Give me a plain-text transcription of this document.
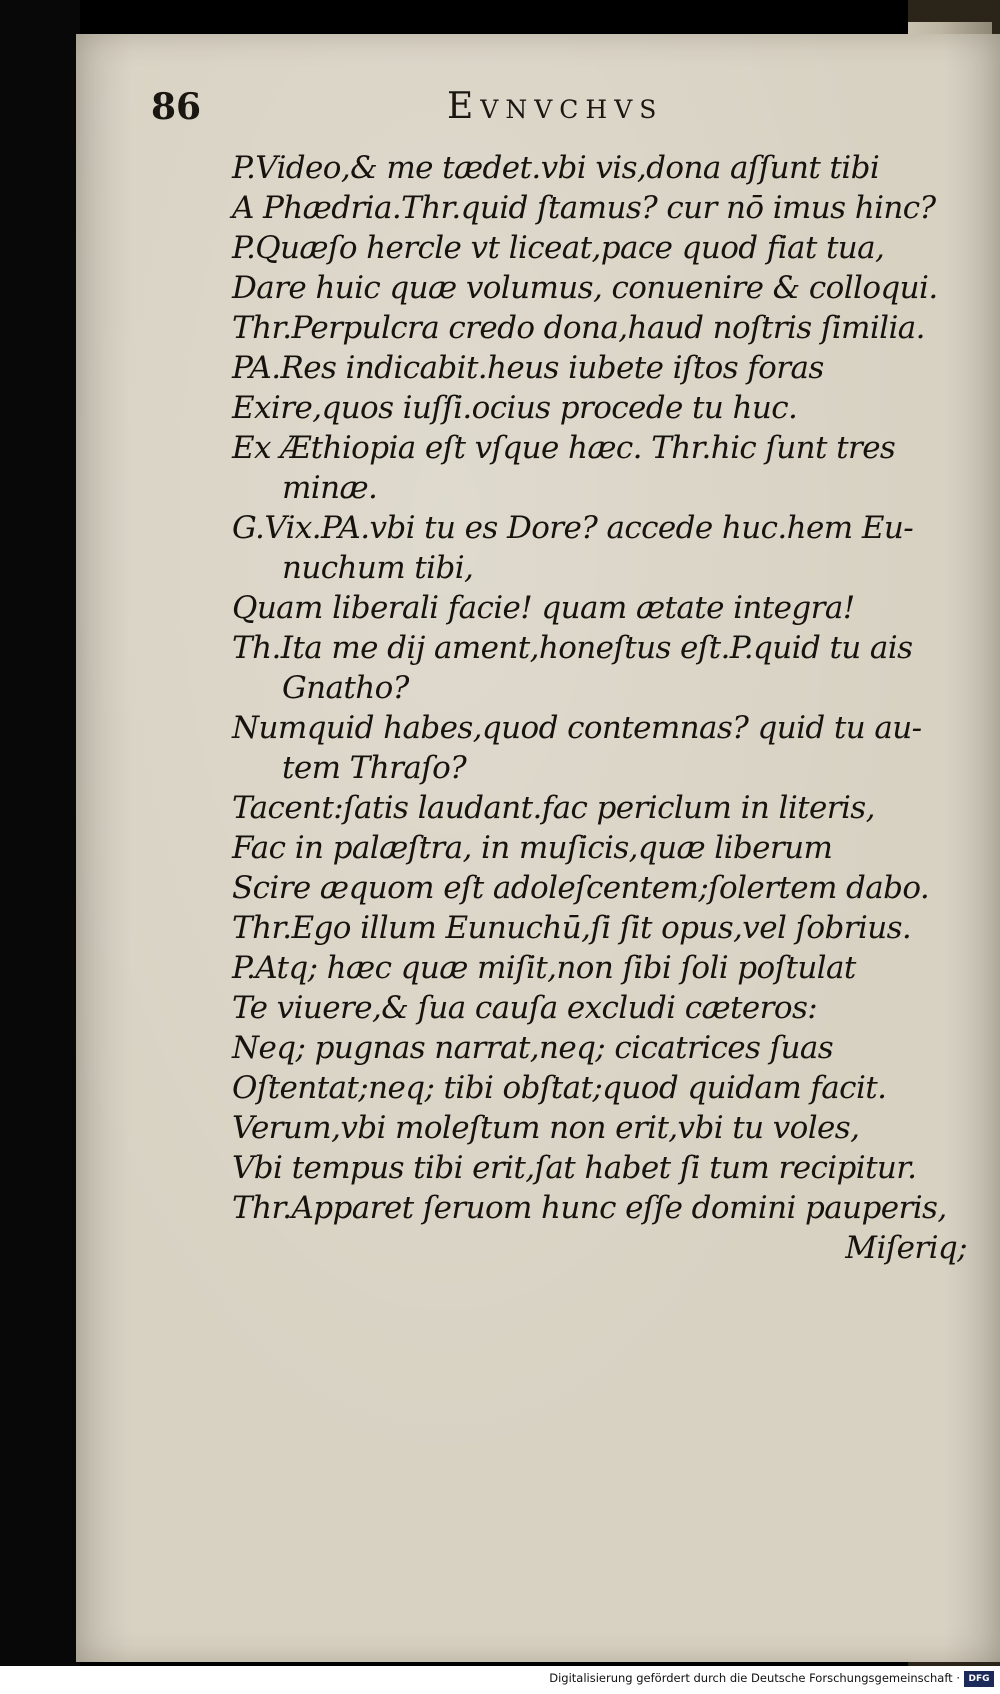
86	Evnvchvs
P.Video,& me tædet.vbi vis,dona aſſunt tibi
A Phædria.Thr.quid ſtamus? cur nō imus hinc?
P.Quæſo hercle vt liceat,pace quod fiat tua,
Dare huic quæ volumus, conuenire & colloqui.
Thr.Perpulcra credo dona,haud noſtris ſimilia.
PA.Res indicabit.heus iubete iſtos foras
Exire,quos iuſſi.ocius procede tu huc.
Ex Æthiopia eſt vſque hæc. Thr.hic ſunt tres
minæ.
G.Vix.PA.vbi tu es Dore? accede huc.hem Eu-
nuchum tibi,
Quam liberali facie! quam ætate integra!
Th.Ita me dij ament,honeſtus eſt.P.quid tu ais
Gnatho?
Numquid habes,quod contemnas? quid tu au-
tem Thraſo?
Tacent:ſatis laudant.fac periclum in literis,
Fac in palæſtra, in muſicis,quæ liberum
Scire æquom eſt adoleſcentem;ſolertem dabo.
Thr.Ego illum Eunuchū,ſi ſit opus,vel ſobrius.
P.Atq; hæc quæ miſit,non ſibi ſoli poſtulat
Te viuere,& ſua cauſa excludi cæteros:
Neq; pugnas narrat,neq; cicatrices ſuas
Oſtentat;neq; tibi obſtat;quod quidam facit.
Verum,vbi moleſtum non erit,vbi tu voles,
Vbi tempus tibi erit,ſat habet ſi tum recipitur.
Thr.Apparet ſeruom hunc eſſe domini pauperis,
Miſeriq;
Digitalisierung gefördert durch die Deutsche Forschungsgemeinschaft · DFG
